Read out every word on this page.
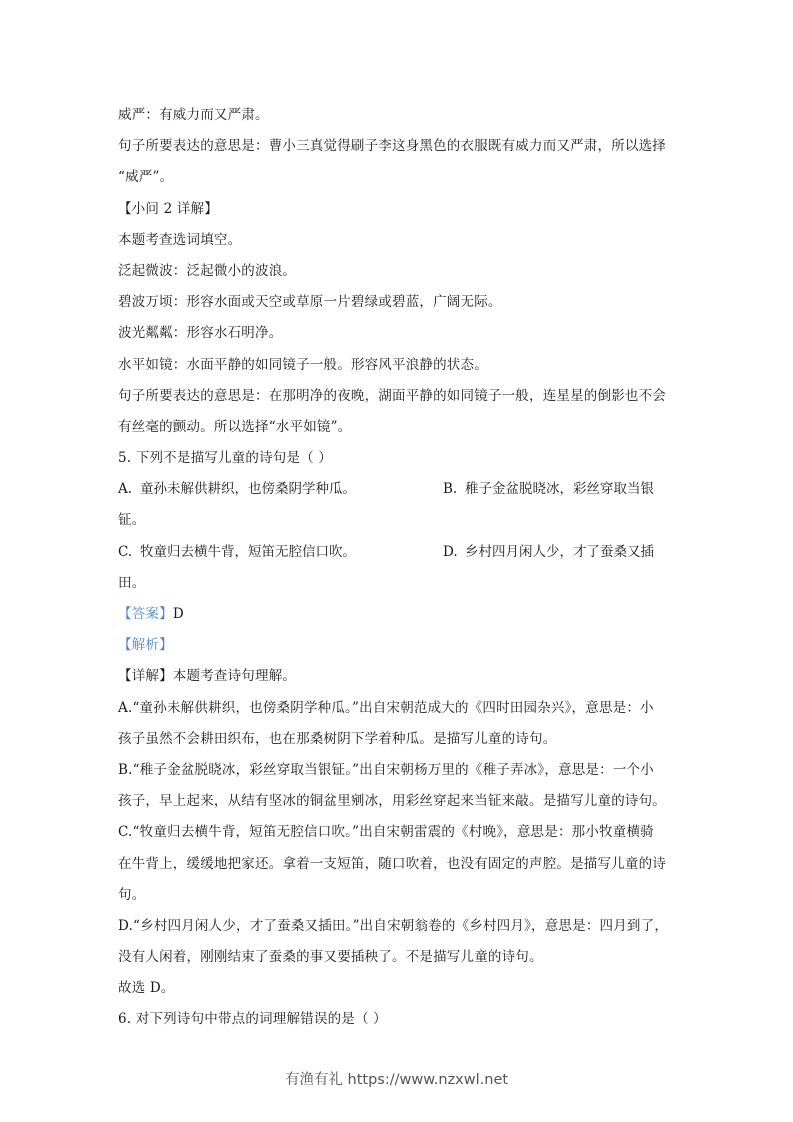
威严：有威力而又严肃。
句子所要表达的意思是：曹小三真觉得刷子李这身黑色的衣服既有威力而又严肃，所以选择
“威严”。
【小问 2 详解】
本题考查选词填空。
泛起微波：泛起微小的波浪。
碧波万顷：形容水面或天空或草原一片碧绿或碧蓝，广阔无际。
波光粼粼：形容水石明净。
水平如镜：水面平静的如同镜子一般。形容风平浪静的状态。
句子所要表达的意思是：在那明净的夜晚，湖面平静的如同镜子一般，连星星的倒影也不会
有丝毫的颤动。所以选择“水平如镜”。
5. 下列不是描写儿童的诗句是（ ）
A. 童孙未解供耕织，也傍桑阴学种瓜。	B. 稚子金盆脱晓冰，彩丝穿取当银
钲。
C. 牧童归去横牛背，短笛无腔信口吹。	D. 乡村四月闲人少，才了蚕桑又插
田。
【答案】D
【解析】
【详解】本题考查诗句理解。
A.“童孙未解供耕织，也傍桑阴学种瓜。”出自宋朝范成大的《四时田园杂兴》，意思是：小
孩子虽然不会耕田织布，也在那桑树阴下学着种瓜。是描写儿童的诗句。
B.“稚子金盆脱晓冰，彩丝穿取当银钲。”出自宋朝杨万里的《稚子弄冰》，意思是：一个小
孩子，早上起来，从结有坚冰的铜盆里剜冰，用彩丝穿起来当钲来敲。是描写儿童的诗句。
C.“牧童归去横牛背，短笛无腔信口吹。”出自宋朝雷震的《村晚》，意思是：那小牧童横骑
在牛背上，缓缓地把家还。拿着一支短笛，随口吹着，也没有固定的声腔。是描写儿童的诗
句。
D.“乡村四月闲人少，才了蚕桑又插田。”出自宋朝翁卷的《乡村四月》，意思是：四月到了，
没有人闲着，刚刚结束了蚕桑的事又要插秧了。不是描写儿童的诗句。
故选 D。
6. 对下列诗句中带点的词理解错误的是（ ）
有渔有礼 https://www.nzxwl.net
